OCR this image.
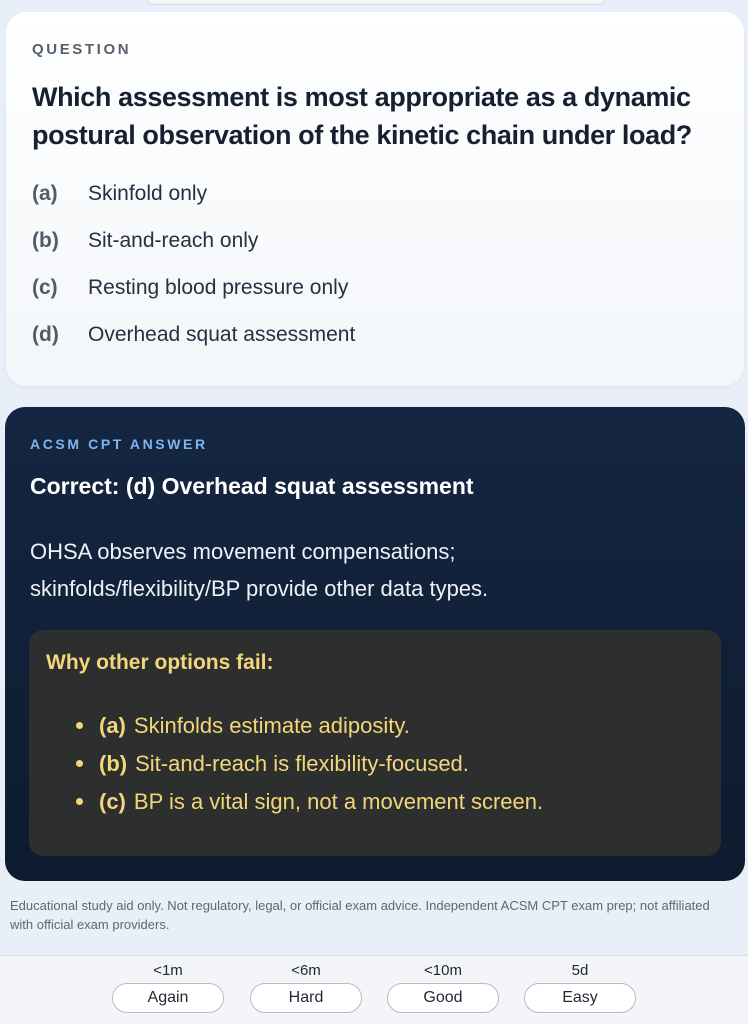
QUESTION
Which assessment is most appropriate as a dynamic postural observation of the kinetic chain under load?
(a)	Skinfold only
(b)	Sit-and-reach only
(c)	Resting blood pressure only
(d)	Overhead squat assessment
ACSM CPT ANSWER
Correct: (d) Overhead squat assessment

OHSA observes movement compensations; skinfolds/flexibility/BP provide other data types.

Why other options fail:
(a) Skinfolds estimate adiposity.
(b) Sit-and-reach is flexibility-focused.
(c) BP is a vital sign, not a movement screen.

Educational study aid only. Not regulatory, legal, or official exam advice. Independent ACSM CPT exam prep; not affiliated with official exam providers.

<1m
Again
<6m
Hard
<10m
Good
5d
Easy
